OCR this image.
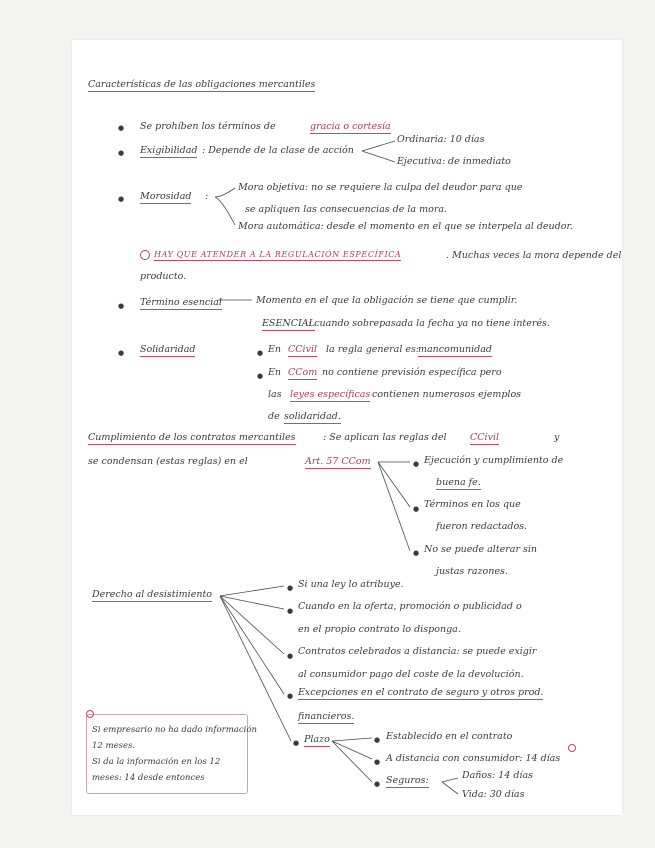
Características de las obligaciones mercantiles
● Se prohíben los términos de	gracia o cortesía
● Exigibilidad : Depende de la clase de acción
Ordinaria: 10 días
Ejecutiva: de inmediato
● Morosidad :
Mora objetiva: no se requiere la culpa del deudor para que
se apliquen las consecuencias de la mora.
Mora automática: desde el momento en el que se interpela al deudor.
HAY QUE ATENDER A LA REGULACIÓN ESPECÍFICA	. Muchas veces la mora depende del
producto.
● Término esencial	Momento en el que la obligación se tiene que cumplir.
ESENCIAL
: cuando sobrepasada la fecha ya no tiene interés.
● Solidaridad	● En CCivil la regla general es:
mancomunidad
● En CCom no contiene previsión específica pero
las leyes específicas contienen numerosos ejemplos
de solidaridad.
Cumplimiento de los contratos mercantiles	: Se aplican las reglas del CCivil	y
se condensan (estas reglas) en el	Art. 57 CCom	● Ejecución y cumplimiento de
buena fe.
● Términos en los que
fueron redactados.
● No se puede alterar sin
justas razones.
Derecho al desistimiento
● Si una ley lo atribuye.
● Cuando en la oferta, promoción o publicidad o
en el propio contrato lo disponga.
● Contratos celebrados a distancia: se puede exigir
al consumidor pago del coste de la devolución.
● Excepciones en el contrato de seguro y otros prod.
financieros.
● Plazo	● Establecido en el contrato
● A distancia con consumidor: 14 días
● Seguros:	Daños: 14 días
Vida: 30 días
Si empresario no ha dado información
12 meses.
Si da la información en los 12
meses: 14 desde entonces
